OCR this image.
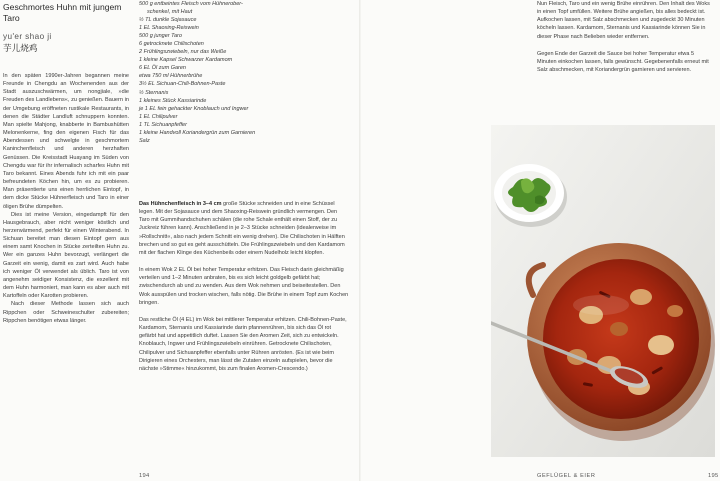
Geschmortes Huhn mit jungem Taro
yu'er shao ji
芋儿烧鸡

In den späten 1990er-Jahren begannen meine Freunde in Chengdu an Wochenenden aus der Stadt auszuschwärmen, um nongjiale, »die Freuden des Landlebens«, zu genießen. Bauern in der Umgebung eröffneten rustikale Restaurants, in denen die Städter Landluft schnuppern konnten. Man spielte Mahjong, knabberte in Bambushütten Melonenkerne, fing den eigenen Fisch für das Abendessen und schwelgte in geschmortem Kaninchenfleisch und anderen herzhaften Genüssen. Die Kreisstadt Huayang im Süden von Chengdu war für ihr infernalisch scharfes Huhn mit Taro bekannt. Eines Abends fuhr ich mit ein paar befreundeten Köchen hin, um es zu probieren. Man präsentierte uns einen herrlichen Eintopf, in dem dicke Stücke Hühnerfleisch und Taro in einer öligen Brühe dümpelten.

Dies ist meine Version, eingedampft für den Hausgebrauch, aber nicht weniger köstlich und herzerwärmend, perfekt für einen Winterabend. In Sichuan bereitet man diesen Eintopf gern aus einem samt Knochen in Stücke zerteilten Huhn zu. Wer ein ganzes Huhn bevorzugt, verlängert die Garzeit ein wenig, damit es zart wird. Auch habe ich weniger Öl verwendet als üblich. Taro ist von angenehm seidiger Konsistenz, die exzellent mit dem Huhn harmoniert, man kann es aber auch mit Kartoffeln oder Karotten probieren.

Nach dieser Methode lassen sich auch Rippchen oder Schweineschulter zubereiten; Rippchen benötigen etwas länger.

500 g entbeintes Fleisch vom Hühnerober-
schenkel, mit Haut
½ TL dunkle Sojasauce
1 EL Shaoxing-Reiswein
500 g junger Taro
6 getrocknete Chilischoten
2 Frühlingszwiebeln, nur das Weiße
1 kleine Kapsel Schwarzer Kardamom
6 EL Öl zum Garen
etwa 750 ml Hühnerbrühe
3½ EL Sichuan-Chili-Bohnen-Paste
½ Sternanis
1 kleines Stück Kassiarinde
je 1 EL fein gehackter Knoblauch und Ingwer
1 EL Chilipulver
1 TL Sichuanpfeffer
1 kleine Handvoll Koriandergrün zum Garnieren
Salz

Das Hühnchenfleisch in 3–4 cm große Stücke schneiden und in eine Schüssel legen. Mit der Sojasauce und dem Shaoxing-Reiswein gründlich vermengen. Den Taro mit Gummihandschuhen schälen (die rohe Schale enthält einen Stoff, der zu Juckreiz führen kann). Anschließend in je 2–3 Stücke schneiden (idealerweise im »Rollschnitt«, also nach jedem Schnitt ein wenig drehen). Die Chilischoten in Hälften brechen und so gut es geht ausschütteln. Die Frühlingszwiebeln und den Kardamom mit der flachen Klinge des Küchenbeils oder einem Nudelholz leicht klopfen.

In einem Wok 2 EL Öl bei hoher Temperatur erhitzen. Das Fleisch darin gleichmäßig verteilen und 1–2 Minuten anbraten, bis es sich leicht goldgelb gefärbt hat; zwischendurch ab und zu wenden. Aus dem Wok nehmen und beiseitestellen. Den Wok ausspülen und trocken wischen, falls nötig. Die Brühe in einem Topf zum Kochen bringen.

Das restliche Öl (4 EL) im Wok bei mittlerer Temperatur erhitzen. Chili-Bohnen-Paste, Kardamom, Sternanis und Kassiarinde darin pfannenrühren, bis sich das Öl rot gefärbt hat und appetitlich duftet. Lassen Sie den Aromen Zeit, sich zu entwickeln. Knoblauch, Ingwer und Frühlingszwiebeln einrühren. Getrocknete Chilischoten, Chilipulver und Sichuanpfeffer ebenfalls unter Rühren anrösten. (Es ist wie beim Dirigieren eines Orchesters, man lässt die Zutaten einzeln aufspielen, bevor die nächste »Stimme« hinzukommt, bis zum finalen Aromen-Crescendo.)

194

Nun Fleisch, Taro und ein wenig Brühe einrühren. Den Inhalt des Woks in einen Topf umfüllen. Weitere Brühe angießen, bis alles bedeckt ist. Aufkochen lassen, mit Salz abschmecken und zugedeckt 30 Minuten köcheln lassen. Kardamom, Sternanis und Kassiarinde können Sie in dieser Phase nach Belieben wieder entfernen.

Gegen Ende der Garzeit die Sauce bei hoher Temperatur etwa 5 Minuten einkochen lassen, falls gewünscht. Gegebenenfalls erneut mit Salz abschmecken, mit Koriandergrün garnieren und servieren.

GEFLÜGEL & EIER	195
